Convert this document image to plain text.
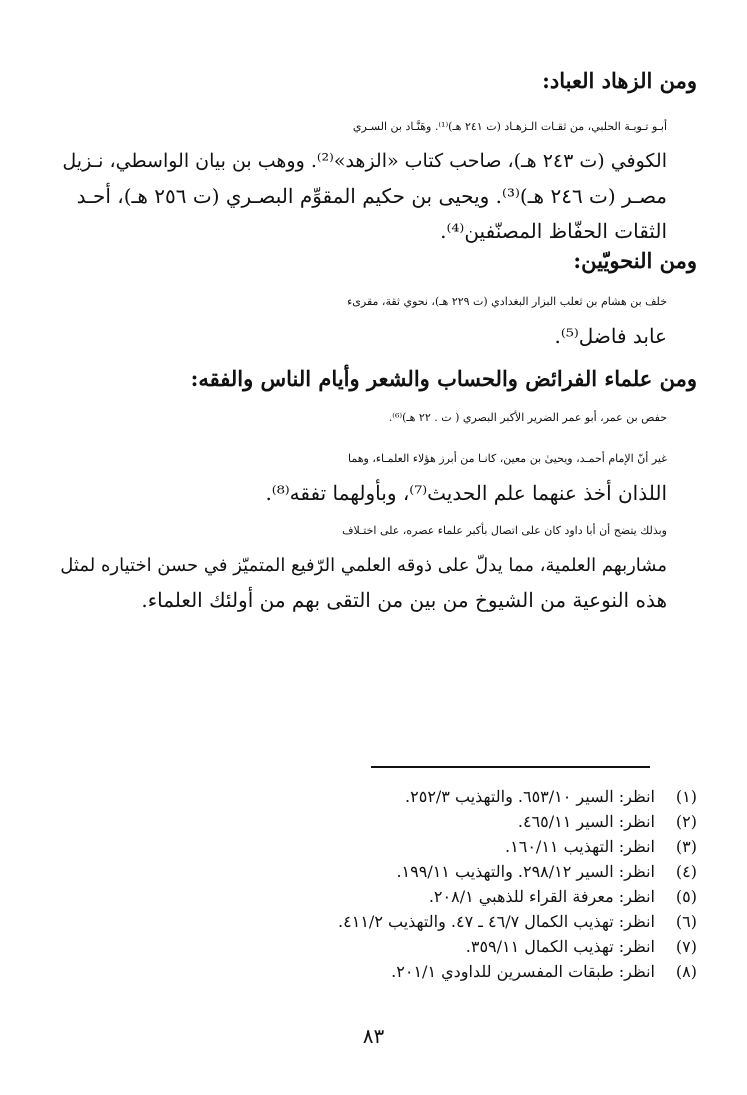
ومن الزهاد العباد:

أبـو تـوبـة الحلبي، من ثقـات الـزهـاد (ت ٢٤١ هـ)⁽¹⁾. وهَنَّـاد بن السـري
الكوفي (ت ٢٤٣ هـ)، صاحب كتاب «الزهد»⁽²⁾. ووهب بن بيان الواسطي، نـزيل
مصـر (ت ٢٤٦ هـ)⁽³⁾. ويحيى بن حكيم المقوِّم البصـري (ت ٢٥٦ هـ)، أحـد
الثقات الحفّاظ المصنّفين⁽⁴⁾.

ومن النحويّين:

خلف بن هشام بن ثعلب البزار البغدادي (ت ٢٢٩ هـ)، نحوي ثقة، مقرىء
عابد فاضل⁽⁵⁾.

ومن علماء الفرائض والحساب والشعر وأيام الناس والفقه:

حفص بن عمر، أبو عمر الضرير الأكبر البصري ( ت . ٢٢ هـ)⁽⁶⁾.

غير أنّ الإمام أحمـد، ويحيىٰ بن معين، كانـا من أبرز هؤلاء العلمـاء، وهما
اللذان أخذ عنهما علم الحديث⁽⁷⁾، وبأولهما تفقه⁽⁸⁾.

وبذلك يتضح أن أبا داود كان على اتصال بأكبر علماء عصره، على اختـلاف
مشاربهم العلمية، مما يدلّ على ذوقه العلمي الرّفيع المتميّز في حسن اختياره لمثل
هذه النوعية من الشيوخ من بين من التقى بهم من أولئك العلماء.

(١)انظر: السير ٦٥٣/١٠. والتهذيب ٢٥٢/٣.
(٢)انظر: السير ٤٦٥/١١.
(٣)انظر: التهذيب ١٦٠/١١.
(٤)انظر: السير ٢٩٨/١٢. والتهذيب ١٩٩/١١.
(٥)انظر: معرفة القراء للذهبي ٢٠٨/١.
(٦)انظر: تهذيب الكمال ٤٦/٧ ـ ٤٧. والتهذيب ٤١١/٢.
(٧)انظر: تهذيب الكمال ٣٥٩/١١.
(٨)انظر: طبقات المفسرين للداودي ٢٠١/١.
٨٣
